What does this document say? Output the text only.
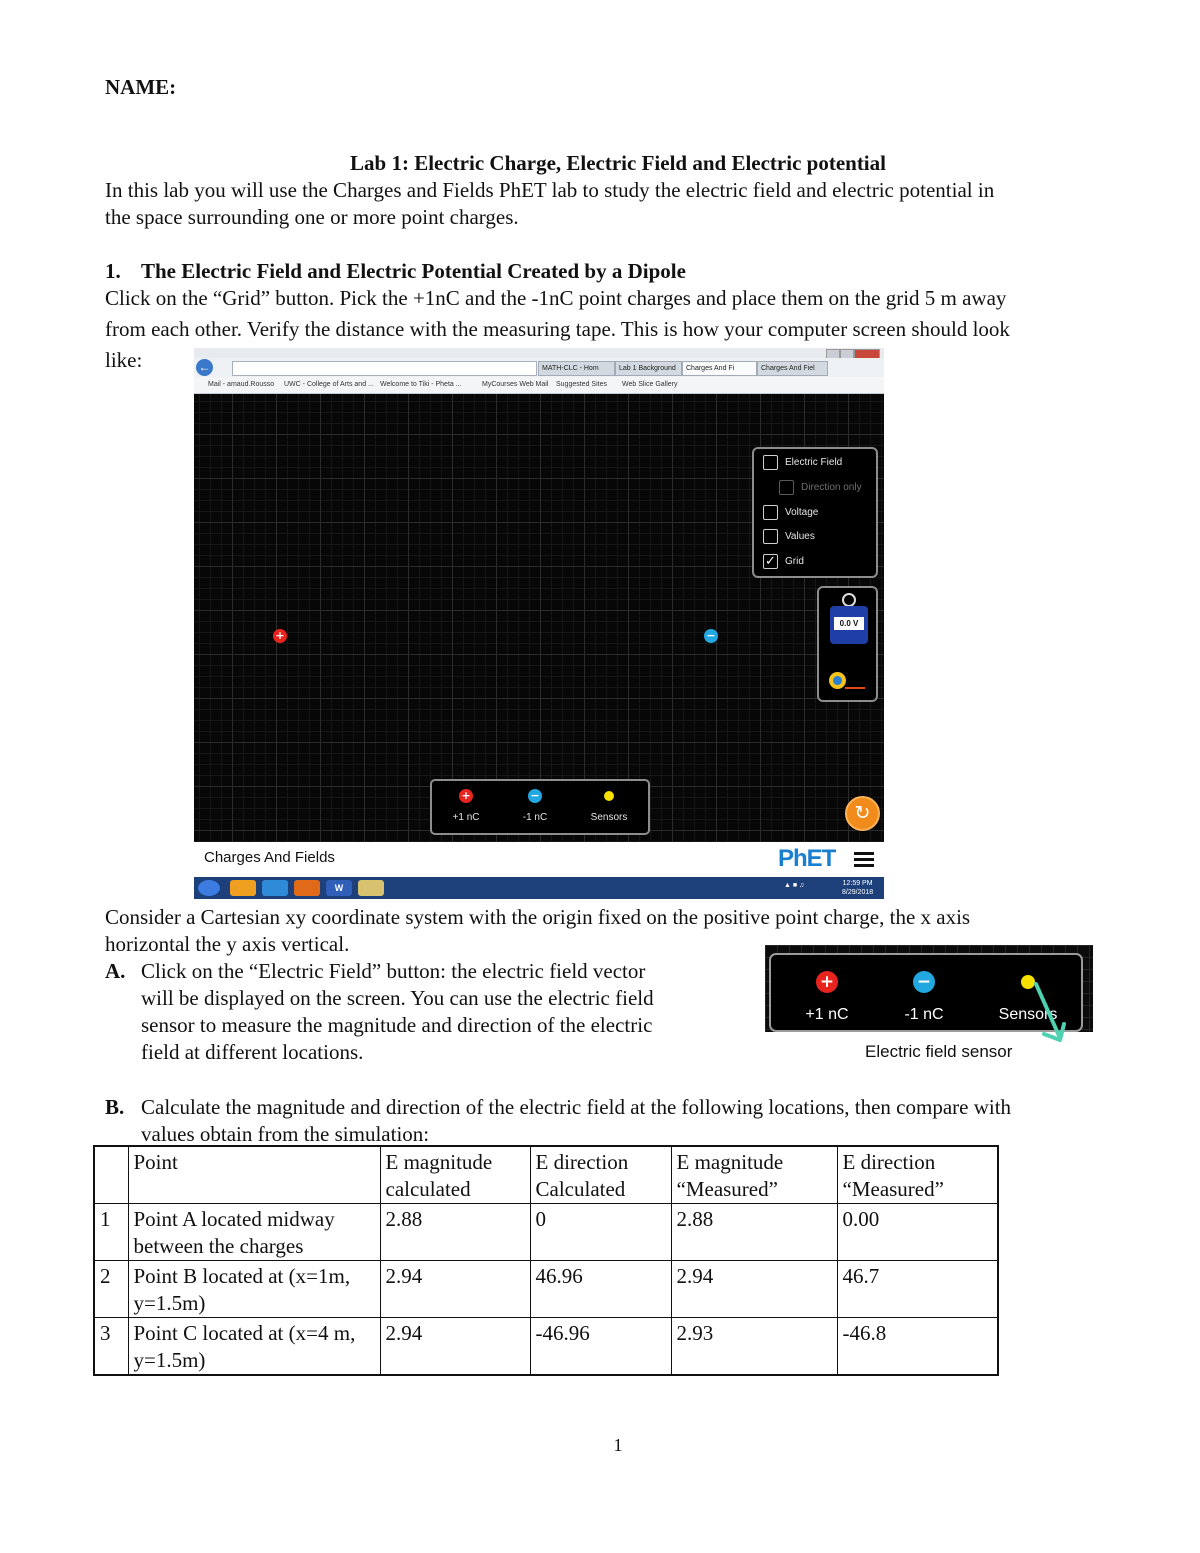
NAME:
Lab 1: Electric Charge, Electric Field and Electric potential
In this lab you will use the Charges and Fields PhET lab to study the electric field and electric potential in
the space surrounding one or more point charges.
1. The Electric Field and Electric Potential Created by a Dipole
Click on the “Grid” button. Pick the +1nC and the -1nC point charges and place them on the grid 5 m away
from each other. Verify the distance with the measuring tape. This is how your computer screen should look
like:	←	MATH-CLC - Hom	Lab 1 Background	Charges And Fi	Charges And Fiel
Mail - amaud.Rousso UWC - College of Arts and ... Welcome to Tiki - Pheta ...	MyCourses Web Mail Suggested Sites Web Slice Gallery
Electric Field
Direction only
Voltage
Values
✓ Grid
0.0 V
+	−
+	−
+1 nC	-1 nC	Sensors	↻
Charges And Fields	PhET
W	▲ ■ ♫	12:59 PM
8/29/2018
Consider a Cartesian xy coordinate system with the origin fixed on the positive point charge, the x axis
horizontal the y axis vertical.
A. Click on the “Electric Field” button: the electric field vector
will be displayed on the screen. You can use the electric field
sensor to measure the magnitude and direction of the electric
field at different locations.
+	−
+1 nC	-1 nC	Sensors
Electric field sensor
B. Calculate the magnitude and direction of the electric field at the following locations, then compare with
values obtain from the simulation:
	Point	E magnitude calculated	E direction Calculated	E magnitude “Measured”	E direction “Measured”
1	Point A located midway between the charges	2.88	0	2.88	0.00
2	Point B located at (x=1m, y=1.5m)	2.94	46.96	2.94	46.7
3	Point C located at (x=4 m, y=1.5m)	2.94	-46.96	2.93	-46.8
1
